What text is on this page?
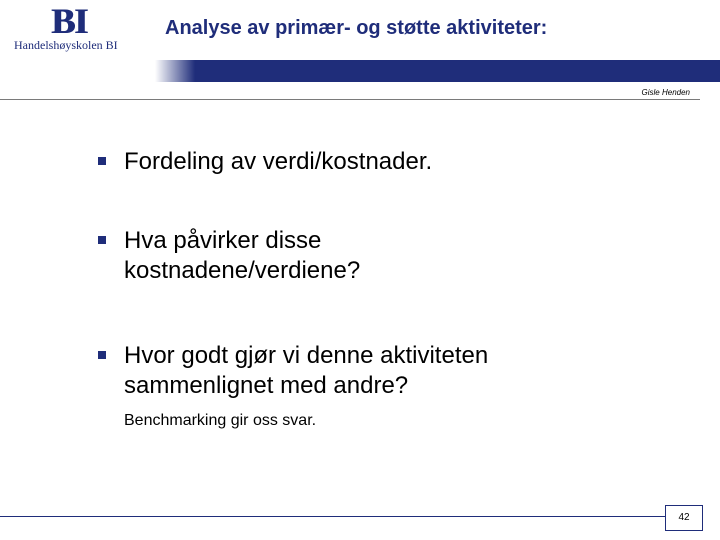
BI
Handelshøyskolen BI
Analyse av primær- og støtte aktiviteter:
Gisle Henden
Fordeling av verdi/kostnader.
Hva påvirker disse kostnadene/verdiene?
Hvor godt gjør vi denne aktiviteten sammenlignet med andre?
Benchmarking gir oss svar.
42
